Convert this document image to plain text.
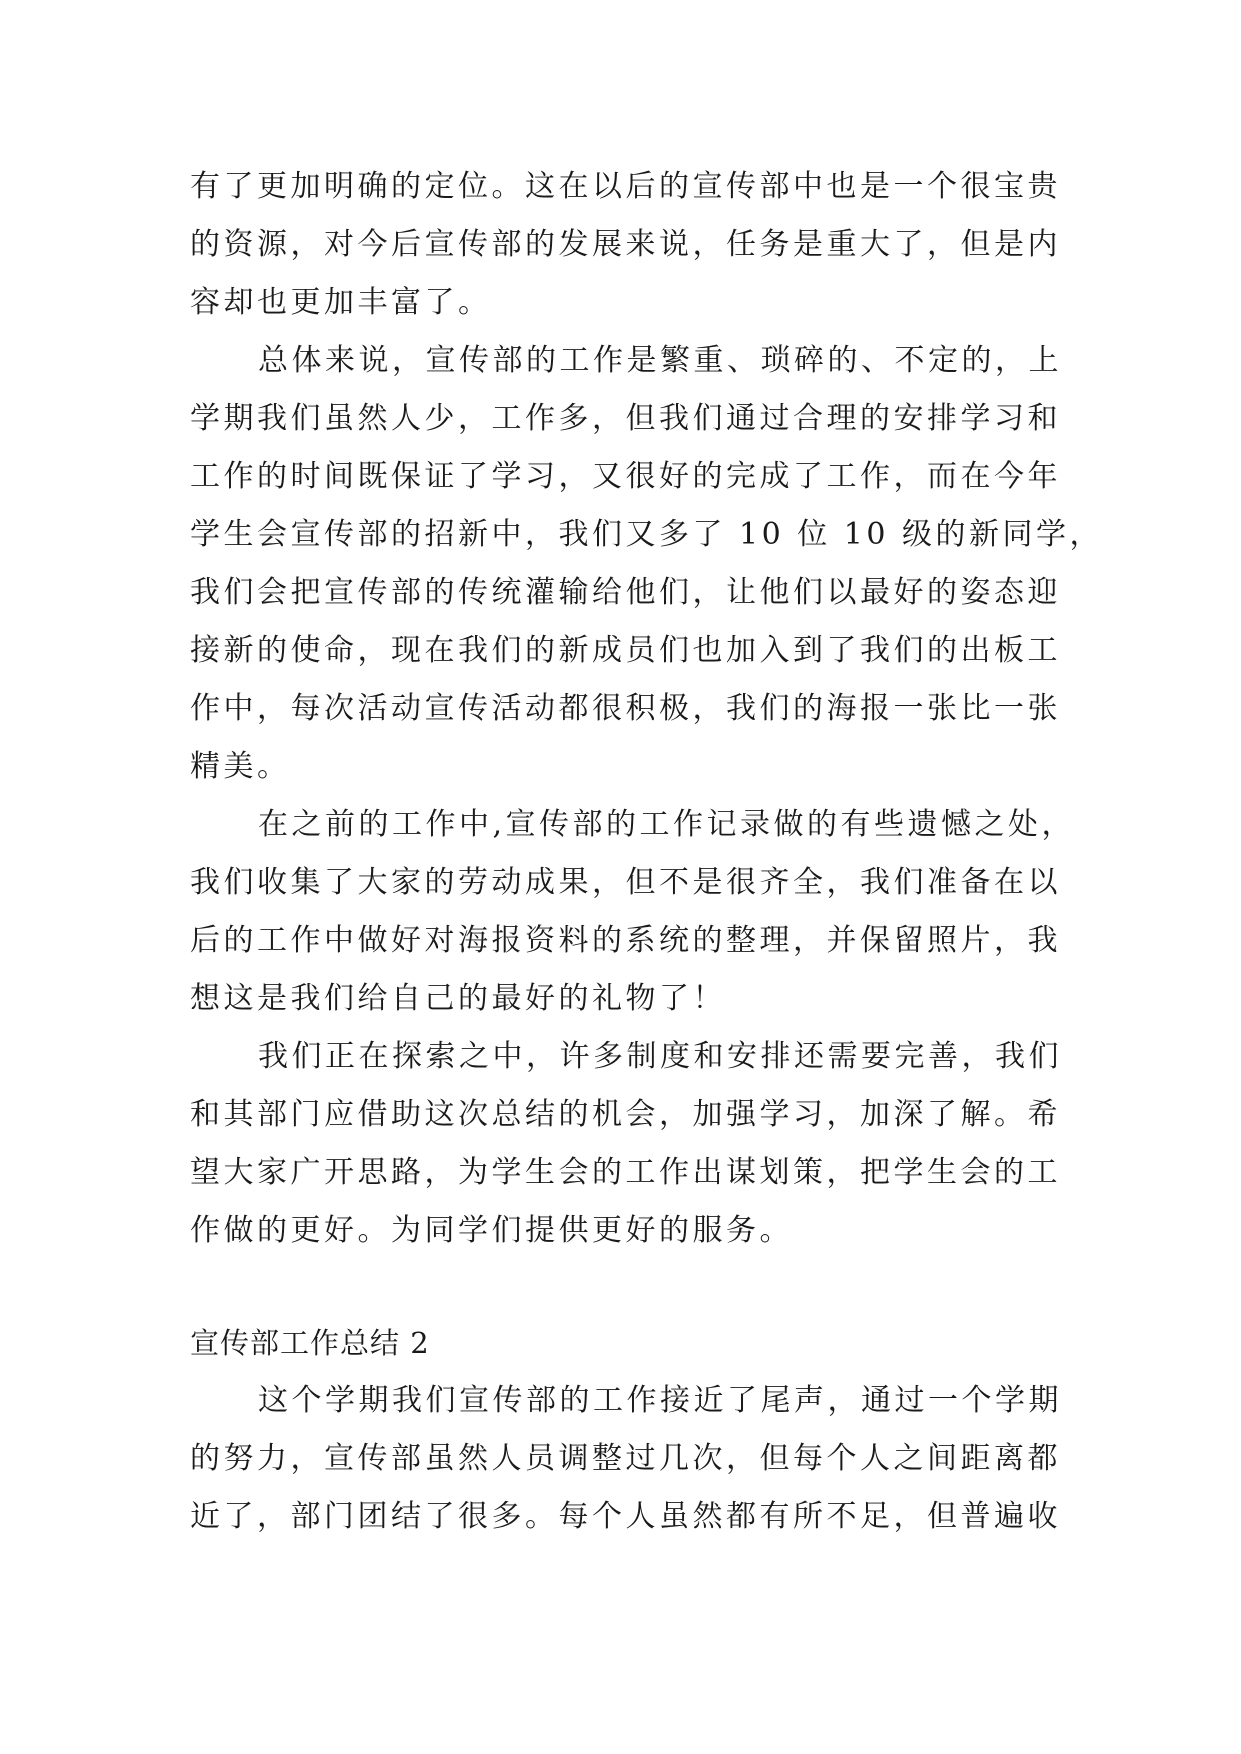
有了更加明确的定位。这在以后的宣传部中也是一个很宝贵
的资源，对今后宣传部的发展来说，任务是重大了，但是内
容却也更加丰富了。
总体来说，宣传部的工作是繁重、琐碎的、不定的，上
学期我们虽然人少，工作多，但我们通过合理的安排学习和
工作的时间既保证了学习，又很好的完成了工作，而在今年
学生会宣传部的招新中，我们又多了 10 位 10 级的新同学，
我们会把宣传部的传统灌输给他们，让他们以最好的姿态迎
接新的使命，现在我们的新成员们也加入到了我们的出板工
作中，每次活动宣传活动都很积极，我们的海报一张比一张
精美。
在之前的工作中,宣传部的工作记录做的有些遗憾之处，
我们收集了大家的劳动成果，但不是很齐全，我们准备在以
后的工作中做好对海报资料的系统的整理，并保留照片，我
想这是我们给自己的最好的礼物了！
我们正在探索之中，许多制度和安排还需要完善，我们
和其部门应借助这次总结的机会，加强学习，加深了解。希
望大家广开思路，为学生会的工作出谋划策，把学生会的工
作做的更好。为同学们提供更好的服务。
宣传部工作总结 2
这个学期我们宣传部的工作接近了尾声，通过一个学期
的努力，宣传部虽然人员调整过几次，但每个人之间距离都
近了，部门团结了很多。每个人虽然都有所不足，但普遍收
